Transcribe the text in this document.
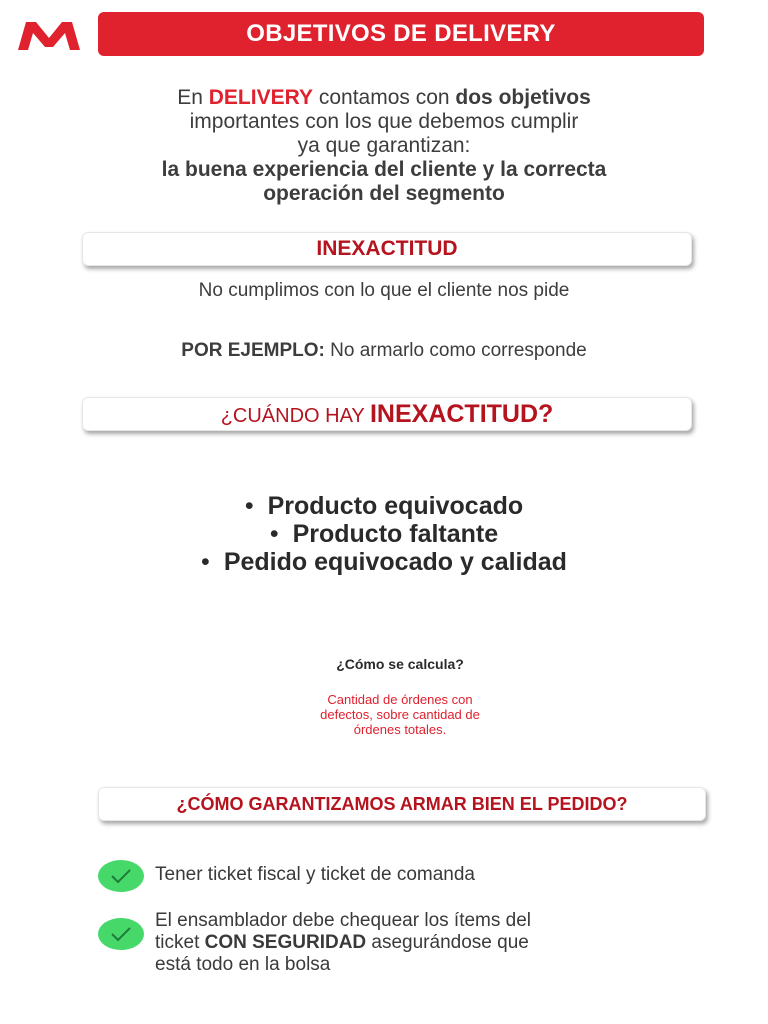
OBJETIVOS DE DELIVERY
En DELIVERY contamos con dos objetivos
importantes con los que debemos cumplir
ya que garantizan:
la buena experiencia del cliente y la correcta
operación del segmento
INEXACTITUD
No cumplimos con lo que el cliente nos pide
POR EJEMPLO: No armarlo como corresponde
¿CUÁNDO HAY INEXACTITUD?
• Producto equivocado
• Producto faltante
• Pedido equivocado y calidad
¿Cómo se calcula?
Cantidad de órdenes con
defectos, sobre cantidad de
órdenes totales.
¿CÓMO GARANTIZAMOS ARMAR BIEN EL PEDIDO?
Tener ticket fiscal y ticket de comanda
El ensamblador debe chequear los ítems del
ticket CON SEGURIDAD asegurándose que
está todo en la bolsa
